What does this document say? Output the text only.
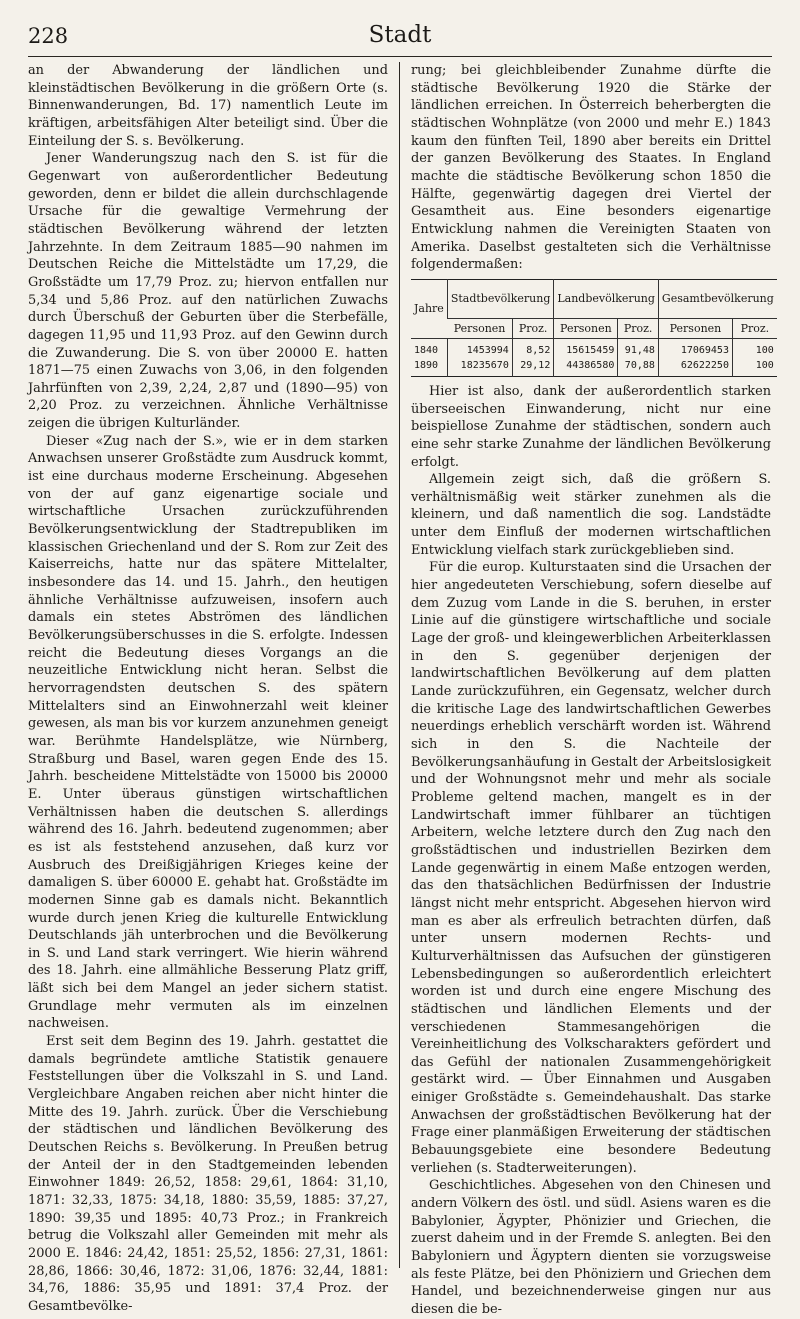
228	Stadt

an der Abwanderung der ländlichen und kleinstädtischen Bevölkerung in die größern Orte (s. Binnenwanderungen, Bd. 17) namentlich Leute im kräftigen, arbeitsfähigen Alter beteiligt sind. Über die Einteilung der S. s. Bevölkerung.

Jener Wanderungszug nach den S. ist für die Gegenwart von außerordentlicher Bedeutung geworden, denn er bildet die allein durchschlagende Ursache für die gewaltige Vermehrung der städtischen Bevölkerung während der letzten Jahrzehnte. In dem Zeitraum 1885—90 nahmen im Deutschen Reiche die Mittelstädte um 17,29, die Großstädte um 17,79 Proz. zu; hiervon entfallen nur 5,34 und 5,86 Proz. auf den natürlichen Zuwachs durch Überschuß der Geburten über die Sterbefälle, dagegen 11,95 und 11,93 Proz. auf den Gewinn durch die Zuwanderung. Die S. von über 20000 E. hatten 1871—75 einen Zuwachs von 3,06, in den folgenden Jahrfünften von 2,39, 2,24, 2,87 und (1890—95) von 2,20 Proz. zu verzeichnen. Ähnliche Verhältnisse zeigen die übrigen Kulturländer.

Dieser «Zug nach der S.», wie er in dem starken Anwachsen unserer Großstädte zum Ausdruck kommt, ist eine durchaus moderne Erscheinung. Abgesehen von der auf ganz eigenartige sociale und wirtschaftliche Ursachen zurückzuführenden Bevölkerungsentwicklung der Stadtrepubliken im klassischen Griechenland und der S. Rom zur Zeit des Kaiserreichs, hatte nur das spätere Mittelalter, insbesondere das 14. und 15. Jahrh., den heutigen ähnliche Verhältnisse aufzuweisen, insofern auch damals ein stetes Abströmen des ländlichen Bevölkerungsüberschusses in die S. erfolgte. Indessen reicht die Bedeutung dieses Vorgangs an die neuzeitliche Entwicklung nicht heran. Selbst die hervorragendsten deutschen S. des spätern Mittelalters sind an Einwohnerzahl weit kleiner gewesen, als man bis vor kurzem anzunehmen geneigt war. Berühmte Handelsplätze, wie Nürnberg, Straßburg und Basel, waren gegen Ende des 15. Jahrh. bescheidene Mittelstädte von 15000 bis 20000 E. Unter überaus günstigen wirtschaftlichen Verhältnissen haben die deutschen S. allerdings während des 16. Jahrh. bedeutend zugenommen; aber es ist als feststehend anzusehen, daß kurz vor Ausbruch des Dreißigjährigen Krieges keine der damaligen S. über 60000 E. gehabt hat. Großstädte im modernen Sinne gab es damals nicht. Bekanntlich wurde durch jenen Krieg die kulturelle Entwicklung Deutschlands jäh unterbrochen und die Bevölkerung in S. und Land stark verringert. Wie hierin während des 18. Jahrh. eine allmähliche Besserung Platz griff, läßt sich bei dem Mangel an jeder sichern statist. Grundlage mehr vermuten als im einzelnen nachweisen.

Erst seit dem Beginn des 19. Jahrh. gestattet die damals begründete amtliche Statistik genauere Feststellungen über die Volkszahl in S. und Land. Vergleichbare Angaben reichen aber nicht hinter die Mitte des 19. Jahrh. zurück. Über die Verschiebung der städtischen und ländlichen Bevölkerung des Deutschen Reichs s. Bevölkerung. In Preußen betrug der Anteil der in den Stadtgemeinden lebenden Einwohner 1849: 26,52, 1858: 29,61, 1864: 31,10, 1871: 32,33, 1875: 34,18, 1880: 35,59, 1885: 37,27, 1890: 39,35 und 1895: 40,73 Proz.; in Frankreich betrug die Volkszahl aller Gemeinden mit mehr als 2000 E. 1846: 24,42, 1851: 25,52, 1856: 27,31, 1861: 28,86, 1866: 30,46, 1872: 31,06, 1876: 32,44, 1881: 34,76, 1886: 35,95 und 1891: 37,4 Proz. der Gesamtbevölke-

rung; bei gleichbleibender Zunahme dürfte die städtische Bevölkerung 1920 die Stärke der ländlichen erreichen. In Österreich beherbergten die städtischen Wohnplätze (von 2000 und mehr E.) 1843 kaum den fünften Teil, 1890 aber bereits ein Drittel der ganzen Bevölkerung des Staates. In England machte die städtische Bevölkerung schon 1850 die Hälfte, gegenwärtig dagegen drei Viertel der Gesamtheit aus. Eine besonders eigenartige Entwicklung nahmen die Vereinigten Staaten von Amerika. Daselbst gestalteten sich die Verhältnisse folgendermaßen:

Jahre	Stadtbevölkerung		Landbevölkerung		Gesamtbevölkerung	
	Personen	Proz.	Personen	Proz.	Personen	Proz.
1840	1453994	8,52	15615459	91,48	17069453	100
1890	18235670	29,12	44386580	70,88	62622250	100

Hier ist also, dank der außerordentlich starken überseeischen Einwanderung, nicht nur eine beispiellose Zunahme der städtischen, sondern auch eine sehr starke Zunahme der ländlichen Bevölkerung erfolgt.

Allgemein zeigt sich, daß die größern S. verhältnismäßig weit stärker zunehmen als die kleinern, und daß namentlich die sog. Landstädte unter dem Einfluß der modernen wirtschaftlichen Entwicklung vielfach stark zurückgeblieben sind.

Für die europ. Kulturstaaten sind die Ursachen der hier angedeuteten Verschiebung, sofern dieselbe auf dem Zuzug vom Lande in die S. beruhen, in erster Linie auf die günstigere wirtschaftliche und sociale Lage der groß- und kleingewerblichen Arbeiterklassen in den S. gegenüber derjenigen der landwirtschaftlichen Bevölkerung auf dem platten Lande zurückzuführen, ein Gegensatz, welcher durch die kritische Lage des landwirtschaftlichen Gewerbes neuerdings erheblich verschärft worden ist. Während sich in den S. die Nachteile der Bevölkerungsanhäufung in Gestalt der Arbeitslosigkeit und der Wohnungsnot mehr und mehr als sociale Probleme geltend machen, mangelt es in der Landwirtschaft immer fühlbarer an tüchtigen Arbeitern, welche letztere durch den Zug nach den großstädtischen und industriellen Bezirken dem Lande gegenwärtig in einem Maße entzogen werden, das den thatsächlichen Bedürfnissen der Industrie längst nicht mehr entspricht. Abgesehen hiervon wird man es aber als erfreulich betrachten dürfen, daß unter unsern modernen Rechts- und Kulturverhältnissen das Aufsuchen der günstigeren Lebensbedingungen so außerordentlich erleichtert worden ist und durch eine engere Mischung des städtischen und ländlichen Elements und der verschiedenen Stammesangehörigen die Vereinheitlichung des Volkscharakters gefördert und das Gefühl der nationalen Zusammengehörigkeit gestärkt wird. — Über Einnahmen und Ausgaben einiger Großstädte s. Gemeindehaushalt. Das starke Anwachsen der großstädtischen Bevölkerung hat der Frage einer planmäßigen Erweiterung der städtischen Bebauungsgebiete eine besondere Bedeutung verliehen (s. Stadterweiterungen).

Geschichtliches. Abgesehen von den Chinesen und andern Völkern des östl. und südl. Asiens waren es die Babylonier, Ägypter, Phönizier und Griechen, die zuerst daheim und in der Fremde S. anlegten. Bei den Babyloniern und Ägyptern dienten sie vorzugsweise als feste Plätze, bei den Phöniziern und Griechen dem Handel, und bezeichnenderweise gingen nur aus diesen die be-
